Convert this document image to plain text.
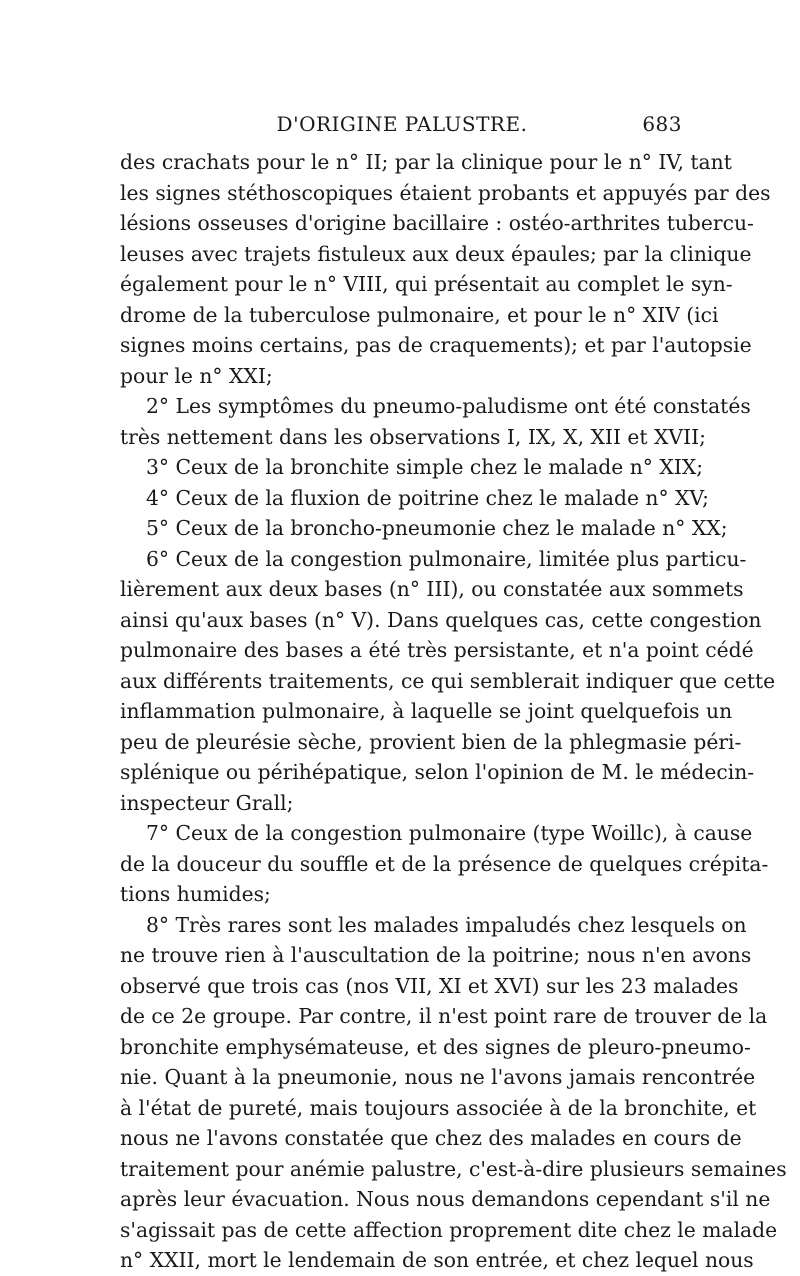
D'ORIGINE PALUSTRE.	683
des crachats pour le n° II; par la clinique pour le n° IV, tant
les signes stéthoscopiques étaient probants et appuyés par des
lésions osseuses d'origine bacillaire : ostéo-arthrites tubercu-
leuses avec trajets fistuleux aux deux épaules; par la clinique
également pour le n° VIII, qui présentait au complet le syn-
drome de la tuberculose pulmonaire, et pour le n° XIV (ici
signes moins certains, pas de craquements); et par l'autopsie
pour le n° XXI;
2° Les symptômes du pneumo-paludisme ont été constatés
très nettement dans les observations I, IX, X, XII et XVII;
3° Ceux de la bronchite simple chez le malade n° XIX;
4° Ceux de la fluxion de poitrine chez le malade n° XV;
5° Ceux de la broncho-pneumonie chez le malade n° XX;
6° Ceux de la congestion pulmonaire, limitée plus particu-
lièrement aux deux bases (n° III), ou constatée aux sommets
ainsi qu'aux bases (n° V). Dans quelques cas, cette congestion
pulmonaire des bases a été très persistante, et n'a point cédé
aux différents traitements, ce qui semblerait indiquer que cette
inflammation pulmonaire, à laquelle se joint quelquefois un
peu de pleurésie sèche, provient bien de la phlegmasie péri-
splénique ou périhépatique, selon l'opinion de M. le médecin-
inspecteur Grall;
7° Ceux de la congestion pulmonaire (type Woillc), à cause
de la douceur du souffle et de la présence de quelques crépita-
tions humides;
8° Très rares sont les malades impaludés chez lesquels on
ne trouve rien à l'auscultation de la poitrine; nous n'en avons
observé que trois cas (nos VII, XI et XVI) sur les 23 malades
de ce 2e groupe. Par contre, il n'est point rare de trouver de la
bronchite emphysémateuse, et des signes de pleuro-pneumo-
nie. Quant à la pneumonie, nous ne l'avons jamais rencontrée
à l'état de pureté, mais toujours associée à de la bronchite, et
nous ne l'avons constatée que chez des malades en cours de
traitement pour anémie palustre, c'est-à-dire plusieurs semaines
après leur évacuation. Nous nous demandons cependant s'il ne
s'agissait pas de cette affection proprement dite chez le malade
n° XXII, mort le lendemain de son entrée, et chez lequel nous
